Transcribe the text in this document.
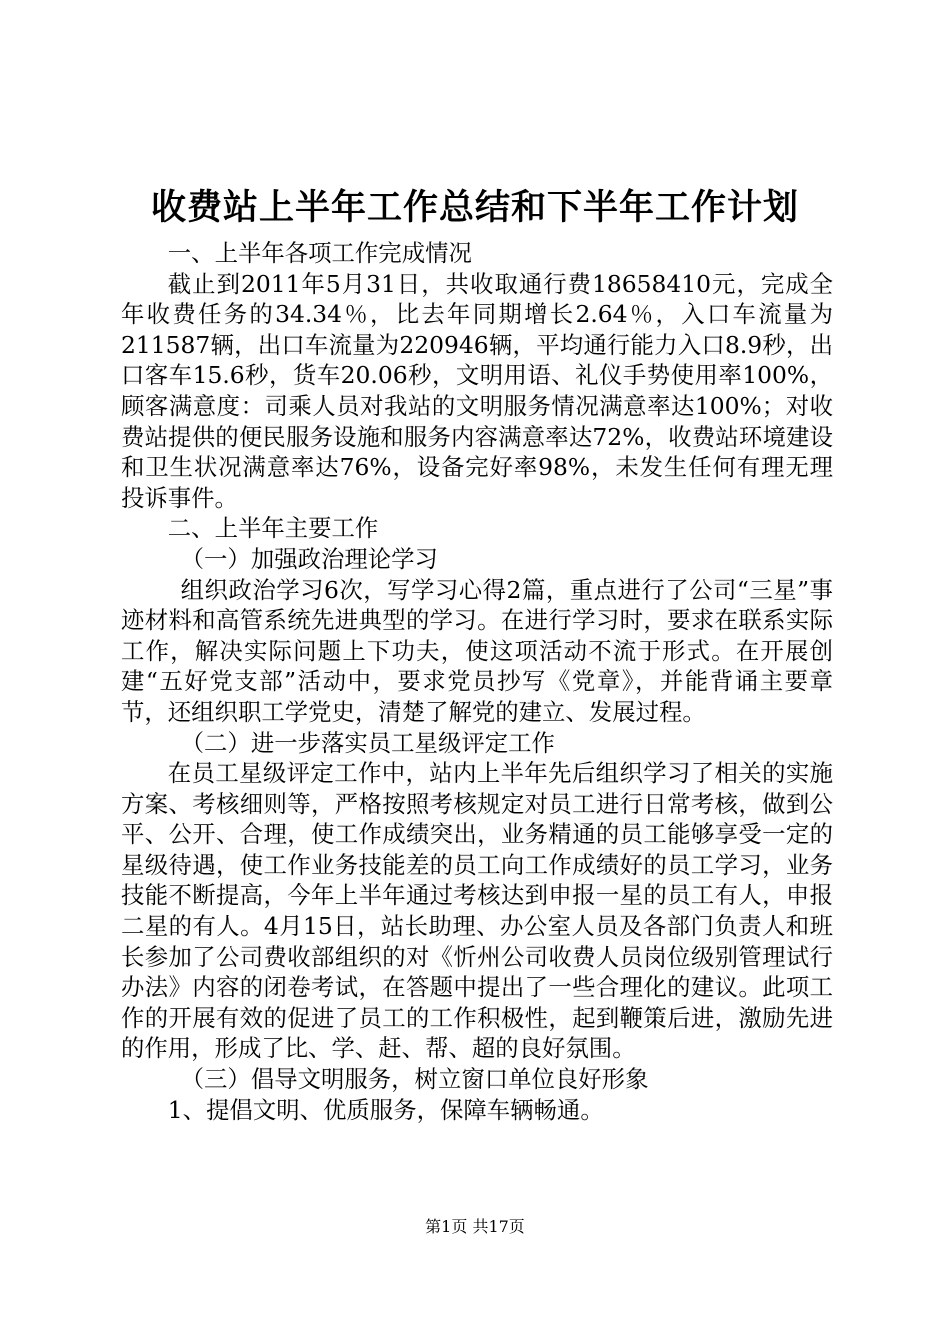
收费站上半年工作总结和下半年工作计划

一、上半年各项工作完成情况

截止到2011年5月31日，共收取通行费18658410元，完成全年收费任务的34.34％，比去年同期增长2.64％，入口车流量为211587辆，出口车流量为220946辆，平均通行能力入口8.9秒，出口客车15.6秒，货车20.06秒，文明用语、礼仪手势使用率100%，顾客满意度：司乘人员对我站的文明服务情况满意率达100%；对收费站提供的便民服务设施和服务内容满意率达72%，收费站环境建设和卫生状况满意率达76%，设备完好率98%，未发生任何有理无理投诉事件。

二、上半年主要工作

（一）加强政治理论学习

组织政治学习6次，写学习心得2篇，重点进行了公司“三星”事迹材料和高管系统先进典型的学习。在进行学习时，要求在联系实际工作，解决实际问题上下功夫，使这项活动不流于形式。在开展创建“五好党支部”活动中，要求党员抄写《党章》，并能背诵主要章节，还组织职工学党史，清楚了解党的建立、发展过程。

（二）进一步落实员工星级评定工作

在员工星级评定工作中，站内上半年先后组织学习了相关的实施方案、考核细则等，严格按照考核规定对员工进行日常考核，做到公平、公开、合理，使工作成绩突出，业务精通的员工能够享受一定的星级待遇，使工作业务技能差的员工向工作成绩好的员工学习，业务技能不断提高，今年上半年通过考核达到申报一星的员工有人，申报二星的有人。4月15日，站长助理、办公室人员及各部门负责人和班长参加了公司费收部组织的对《忻州公司收费人员岗位级别管理试行办法》内容的闭卷考试，在答题中提出了一些合理化的建议。此项工作的开展有效的促进了员工的工作积极性，起到鞭策后进，激励先进的作用，形成了比、学、赶、帮、超的良好氛围。

（三）倡导文明服务，树立窗口单位良好形象

1、提倡文明、优质服务，保障车辆畅通。

第1页 共17页
